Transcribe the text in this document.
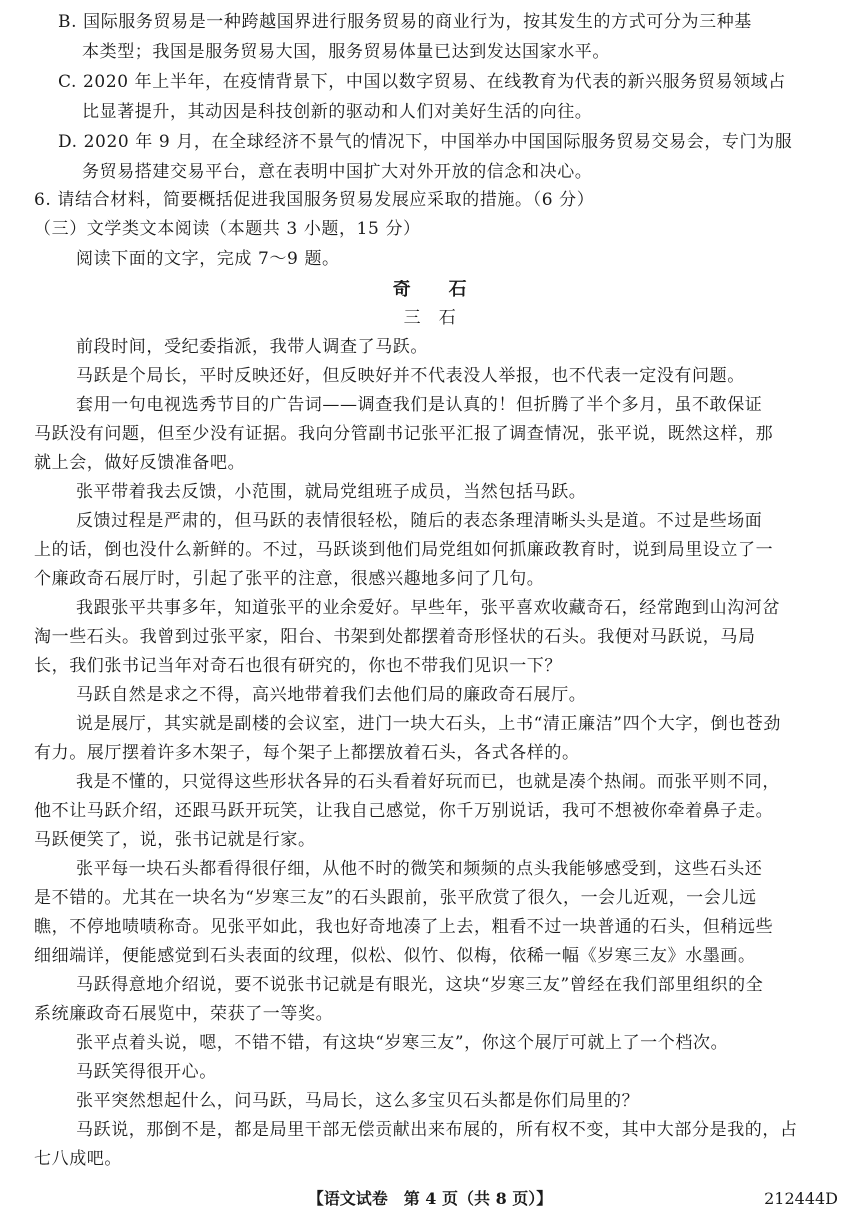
B. 国际服务贸易是一种跨越国界进行服务贸易的商业行为，按其发生的方式可分为三种基
本类型；我国是服务贸易大国，服务贸易体量已达到发达国家水平。
C. 2020 年上半年，在疫情背景下，中国以数字贸易、在线教育为代表的新兴服务贸易领域占
比显著提升，其动因是科技创新的驱动和人们对美好生活的向往。
D. 2020 年 9 月，在全球经济不景气的情况下，中国举办中国国际服务贸易交易会，专门为服
务贸易搭建交易平台，意在表明中国扩大对外开放的信念和决心。
6. 请结合材料，简要概括促进我国服务贸易发展应采取的措施。（6 分）
（三）文学类文本阅读（本题共 3 小题，15 分）
阅读下面的文字，完成 7～9 题。
奇　　石
三　石
前段时间，受纪委指派，我带人调查了马跃。
马跃是个局长，平时反映还好，但反映好并不代表没人举报，也不代表一定没有问题。
套用一句电视选秀节目的广告词——调查我们是认真的！但折腾了半个多月，虽不敢保证
马跃没有问题，但至少没有证据。我向分管副书记张平汇报了调查情况，张平说，既然这样，那
就上会，做好反馈准备吧。
张平带着我去反馈，小范围，就局党组班子成员，当然包括马跃。
反馈过程是严肃的，但马跃的表情很轻松，随后的表态条理清晰头头是道。不过是些场面
上的话，倒也没什么新鲜的。不过，马跃谈到他们局党组如何抓廉政教育时，说到局里设立了一
个廉政奇石展厅时，引起了张平的注意，很感兴趣地多问了几句。
我跟张平共事多年，知道张平的业余爱好。早些年，张平喜欢收藏奇石，经常跑到山沟河岔
淘一些石头。我曾到过张平家，阳台、书架到处都摆着奇形怪状的石头。我便对马跃说，马局
长，我们张书记当年对奇石也很有研究的，你也不带我们见识一下？
马跃自然是求之不得，高兴地带着我们去他们局的廉政奇石展厅。
说是展厅，其实就是副楼的会议室，进门一块大石头，上书“清正廉洁”四个大字，倒也苍劲
有力。展厅摆着许多木架子，每个架子上都摆放着石头，各式各样的。
我是不懂的，只觉得这些形状各异的石头看着好玩而已，也就是凑个热闹。而张平则不同，
他不让马跃介绍，还跟马跃开玩笑，让我自己感觉，你千万别说话，我可不想被你牵着鼻子走。
马跃便笑了，说，张书记就是行家。
张平每一块石头都看得很仔细，从他不时的微笑和频频的点头我能够感受到，这些石头还
是不错的。尤其在一块名为“岁寒三友”的石头跟前，张平欣赏了很久，一会儿近观，一会儿远
瞧，不停地啧啧称奇。见张平如此，我也好奇地凑了上去，粗看不过一块普通的石头，但稍远些
细细端详，便能感觉到石头表面的纹理，似松、似竹、似梅，依稀一幅《岁寒三友》水墨画。
马跃得意地介绍说，要不说张书记就是有眼光，这块“岁寒三友”曾经在我们部里组织的全
系统廉政奇石展览中，荣获了一等奖。
张平点着头说，嗯，不错不错，有这块“岁寒三友”，你这个展厅可就上了一个档次。
马跃笑得很开心。
张平突然想起什么，问马跃，马局长，这么多宝贝石头都是你们局里的？
马跃说，那倒不是，都是局里干部无偿贡献出来布展的，所有权不变，其中大部分是我的，占
七八成吧。
【语文试卷　第 4 页（共 8 页）】	212444D
